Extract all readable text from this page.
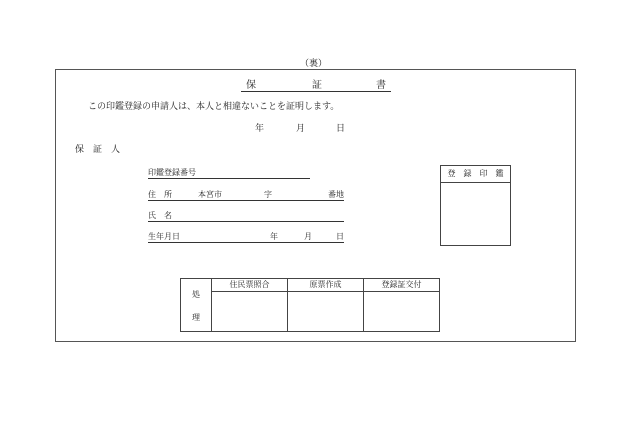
（裏）
保	証	書
この印鑑登録の申請人は、本人と相違ないことを証明します。
年	月	日
保　証　人
印鑑登録番号
住　所	本宮市	字	番地
氏　名
生年月日	年	月	日
登　録　印　鑑
処
理
住民票照合	原票作成	登録証交付
